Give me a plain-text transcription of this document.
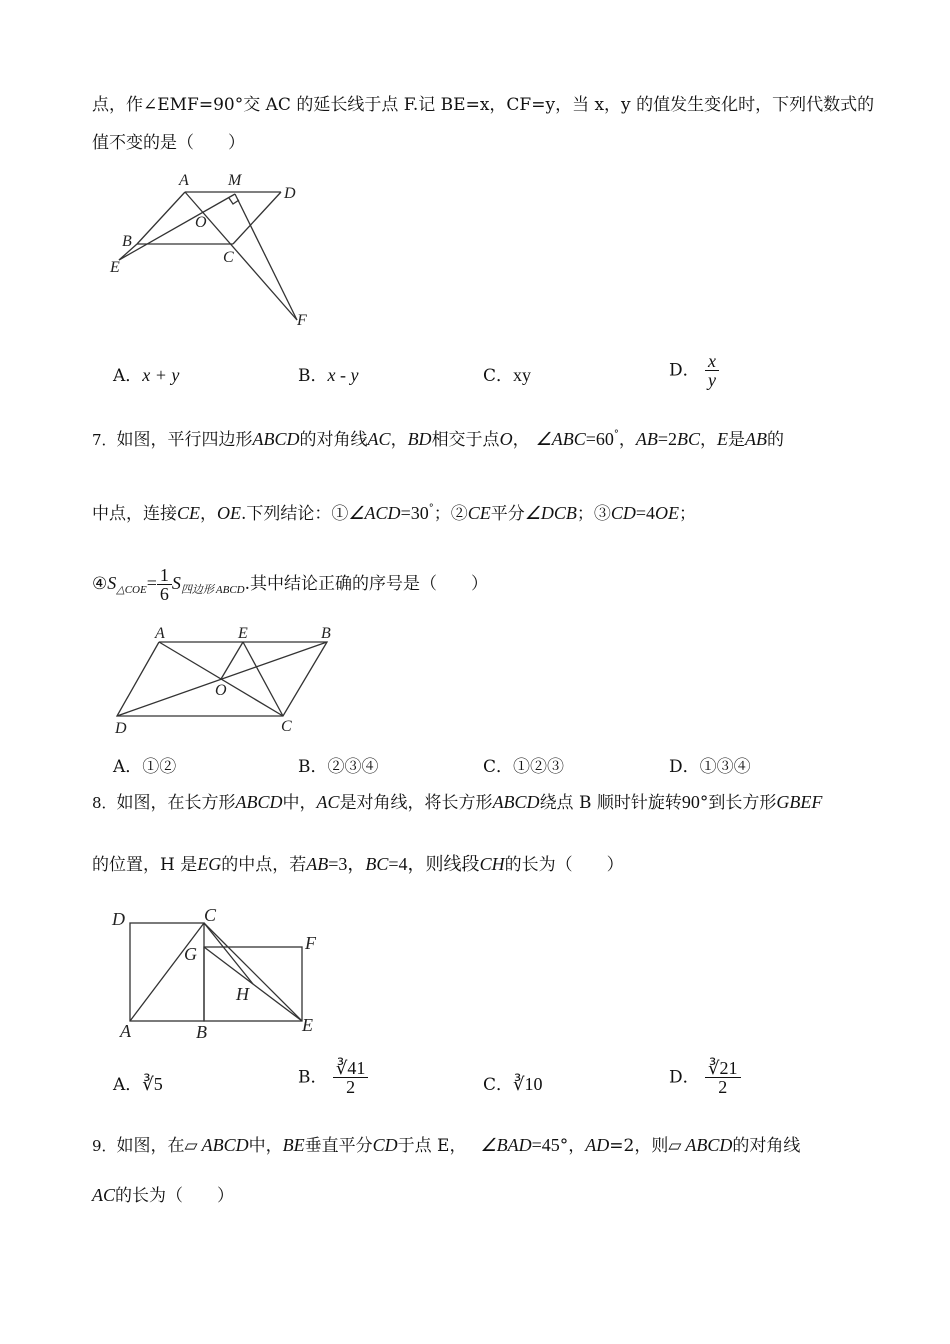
点，作∠EMF=90°交 AC 的延长线于点 F.记 BE=x，CF=y，当 x，y 的值发生变化时，下列代数式的
值不变的是（　　）
A M
D
O
B
C
E
F
A．x + y	B．x - y	C．xy	D． $\frac{x}{y}$
7．如图，平行四边形ABCD的对角线AC，BD相交于点O， ∠ABC=60°，AB=2BC，E是AB的
中点，连接CE，OE.下列结论：①∠ACD=30°；②CE平分∠DCB；③CD=4OE；
$④S_{\triangle COE}= \frac{1}{6} S_{四边形}$ $_{ABCD}$.其中结论正确的序号是（　　）
A	E	B
O
D	C
A．①②	B．②③④	C．①②③	D．①③④
8．如图，在长方形ABCD中，AC是对角线，将长方形ABCD绕点 B 顺时针旋转90°到长方形GBEF
的位置，H 是EG的中点，若AB=3，BC=4，则线段CH的长为（　　）
D	C
F
G
H
A	B	E
A．∛5	B． $\frac{∛41}{2}$	C．∛10	D． $\frac{∛21}{2}$
9．如图，在▱ ABCD中，BE垂直平分CD于点 E， ∠BAD=45°，AD=2，则▱ ABCD的对角线
AC的长为（　　）
